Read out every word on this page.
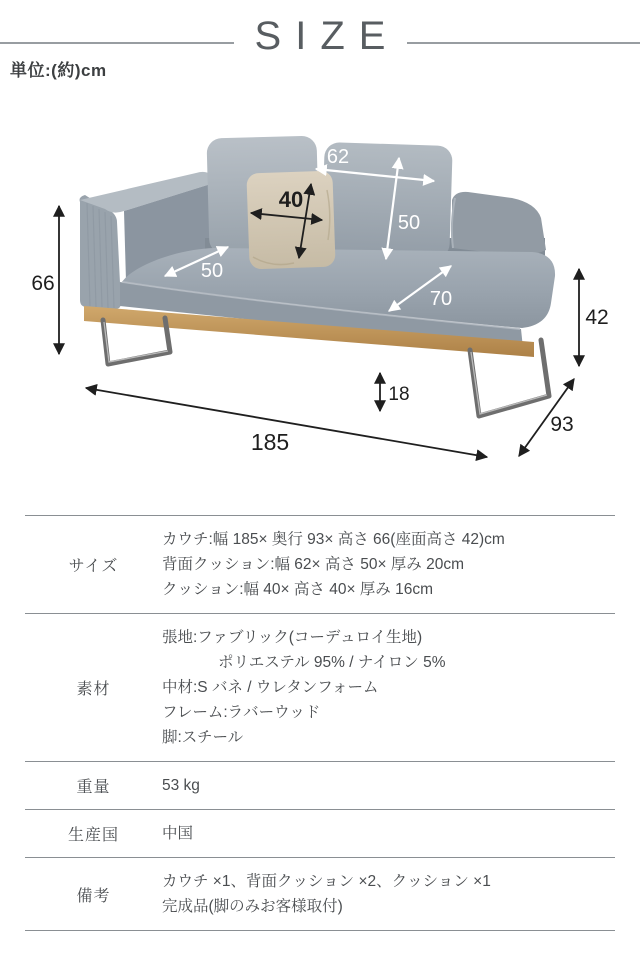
SIZE
単位:(約)cm
62
50
50
70
40
66
42
18
185
93
サイズ
カウチ:幅 185× 奥行 93× 高さ 66(座面高さ 42)cm
背面クッション:幅 62× 高さ 50× 厚み 20cm
クッション:幅 40× 高さ 40× 厚み 16cm
素材
張地:ファブリック(コーデュロイ生地)
ポリエステル 95% / ナイロン 5%
中材:S バネ / ウレタンフォーム
フレーム:ラバーウッド
脚:スチール
重量	53 kg
生産国	中国
備考
カウチ ×1、背面クッション ×2、クッション ×1
完成品(脚のみお客様取付)
